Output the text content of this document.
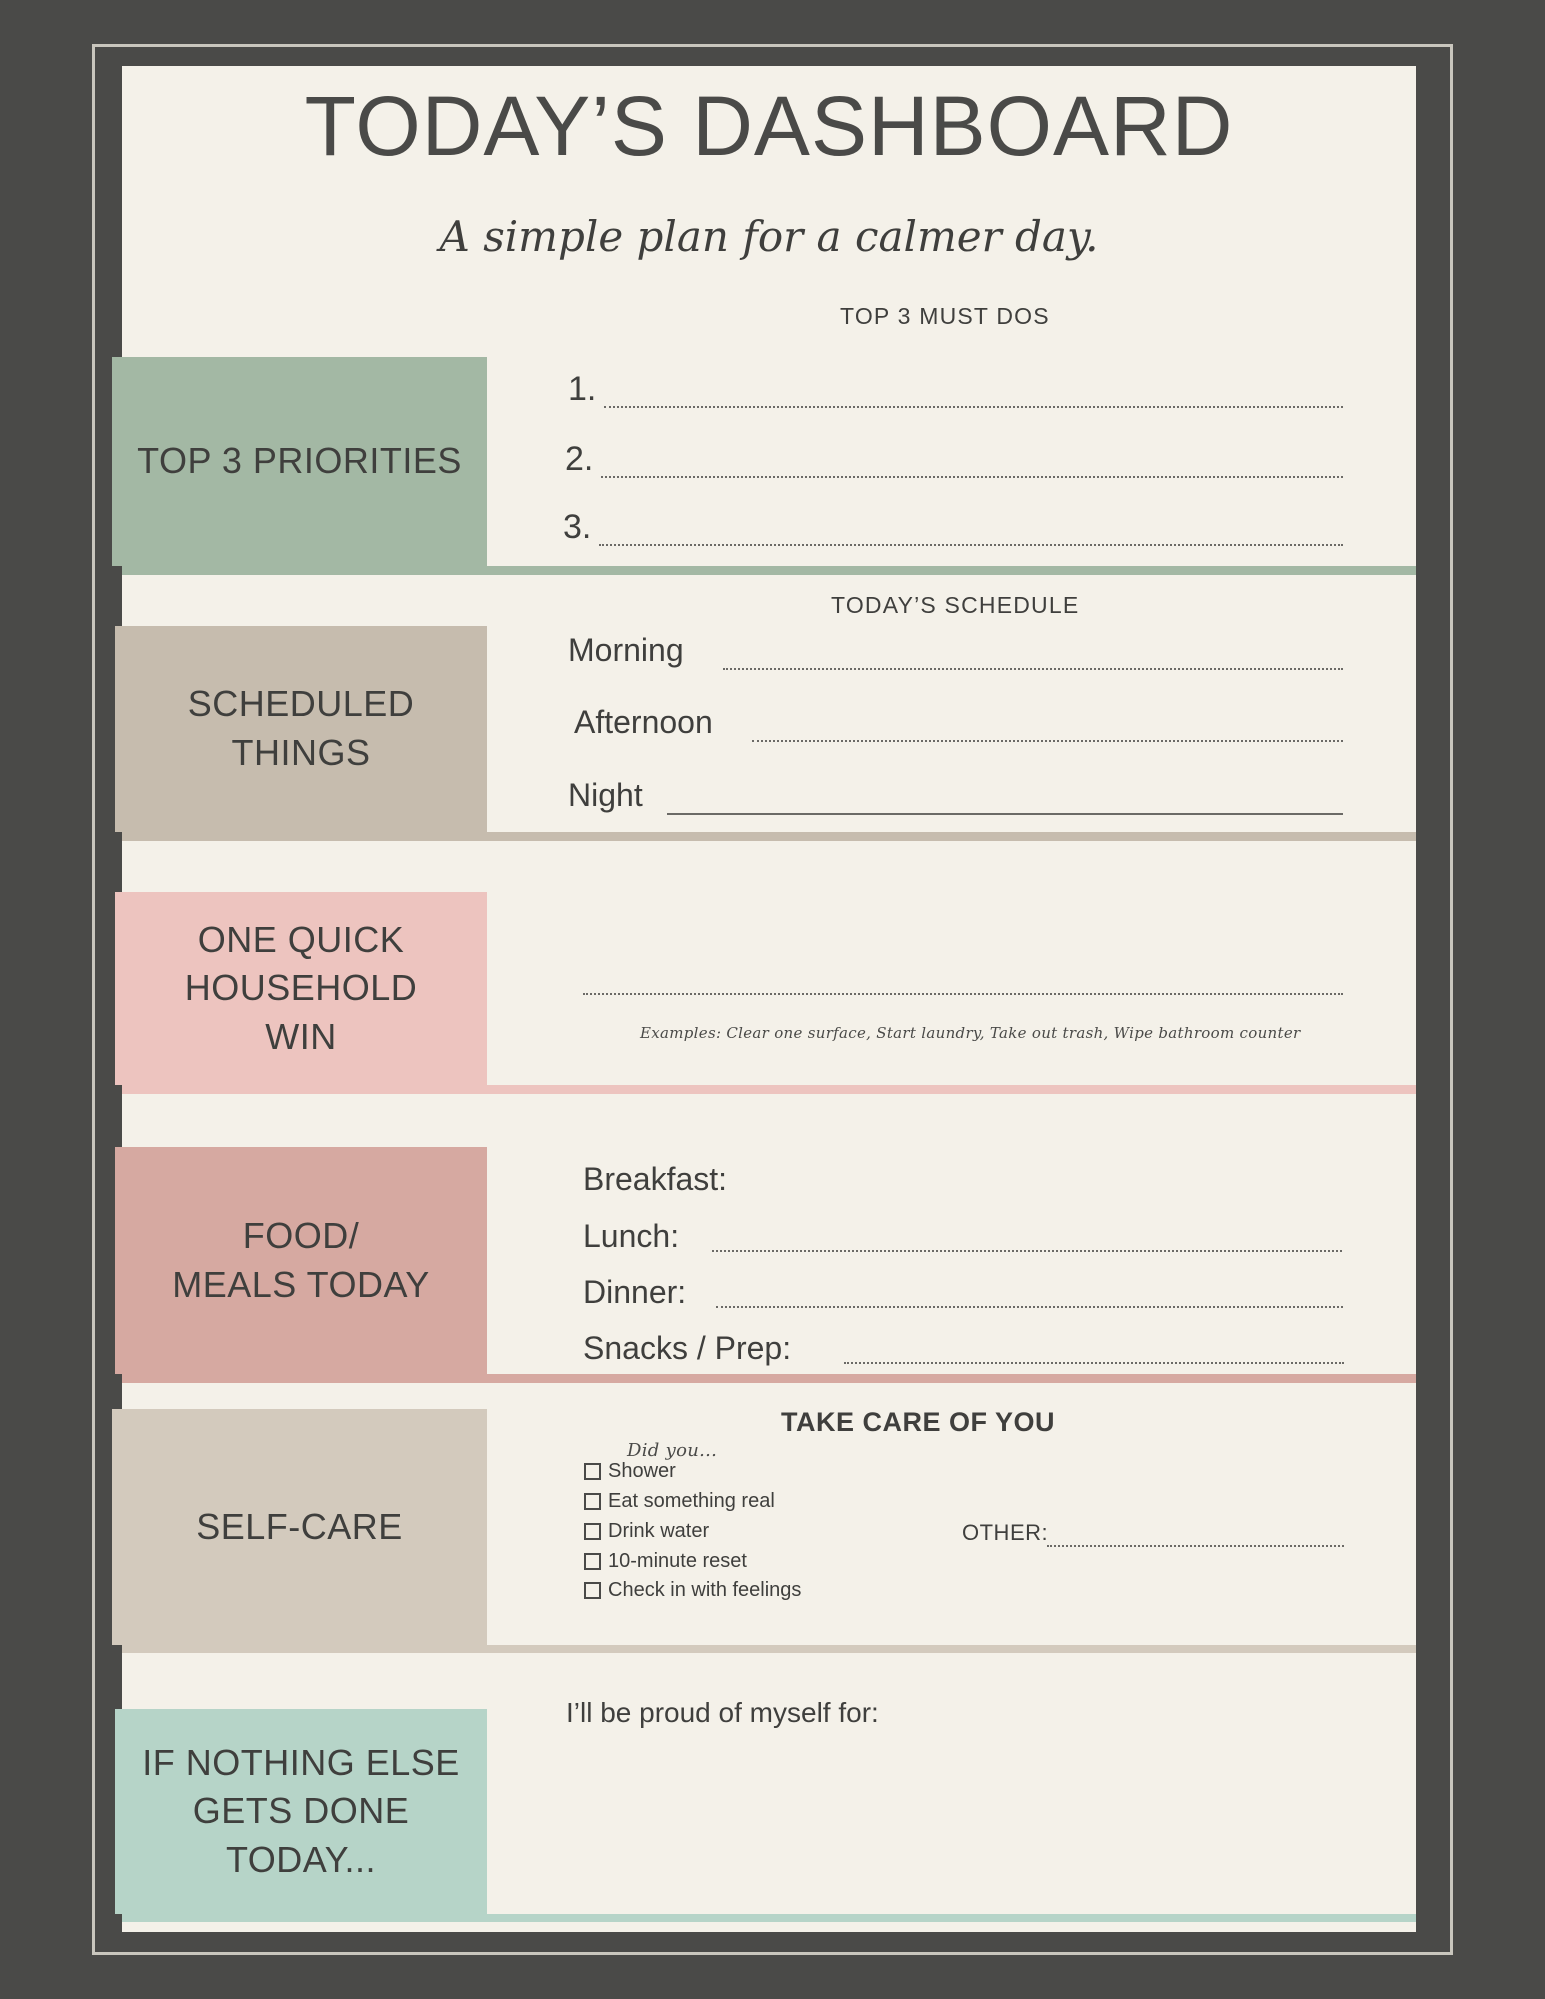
TODAY’S DASHBOARD
A simple plan for a calmer day.
TOP 3 PRIORITIES
TOP 3 MUST DOS
1.
2.
3.
SCHEDULED
THINGS
TODAY’S SCHEDULE
Morning
Afternoon
Night
ONE QUICK
HOUSEHOLD
WIN	Examples: Clear one surface, Start laundry, Take out trash, Wipe bathroom counter
FOOD/
MEALS TODAY
Breakfast:
Lunch:
Dinner:
Snacks / Prep:
SELF-CARE
TAKE CARE OF YOU
Did you...
Shower
Eat something real
Drink water
10-minute reset
Check in with feelings
OTHER:
IF NOTHING ELSE
GETS DONE
TODAY...
I’ll be proud of myself for:
